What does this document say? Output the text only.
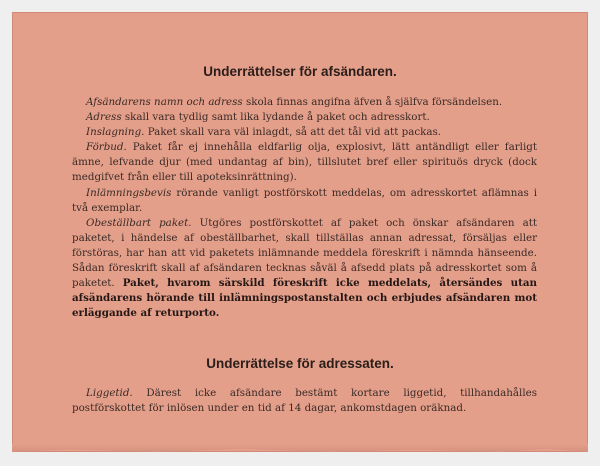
Underrättelser för afsändaren.

Afsändarens namn och adress skola finnas angifna äfven å själfva försändelsen.

Adress skall vara tydlig samt lika lydande å paket och adresskort.

Inslagning. Paket skall vara väl inlagdt, så att det tål vid att packas.

Förbud. Paket får ej innehålla eldfarlig olja, explosivt, lätt antändligt eller farligt ämne, lefvande djur (med undantag af bin), tillslutet bref eller spirituös dryck (dock medgifvet från eller till apoteksinrättning).

Inlämningsbevis rörande vanligt postförskott meddelas, om adresskortet aflämnas i två exemplar.

Obeställbart paket. Utgöres postförskottet af paket och önskar afsändaren att paketet, i händelse af obeställbarhet, skall tillställas annan adressat, försäljas eller förstöras, har han att vid paketets inlämnande meddela föreskrift i nämnda hänseende. Sådan föreskrift skall af afsändaren tecknas såväl å afsedd plats på adresskortet som å paketet. Paket, hvarom särskild föreskrift icke meddelats, återsändes utan afsändarens hörande till inlämningspostanstalten och erbjudes afsändaren mot erläggande af returporto.

Underrättelse för adressaten.

Liggetid. Därest icke afsändare bestämt kortare liggetid, tillhandahålles postförskottet för inlösen under en tid af 14 dagar, ankomstdagen oräknad.
